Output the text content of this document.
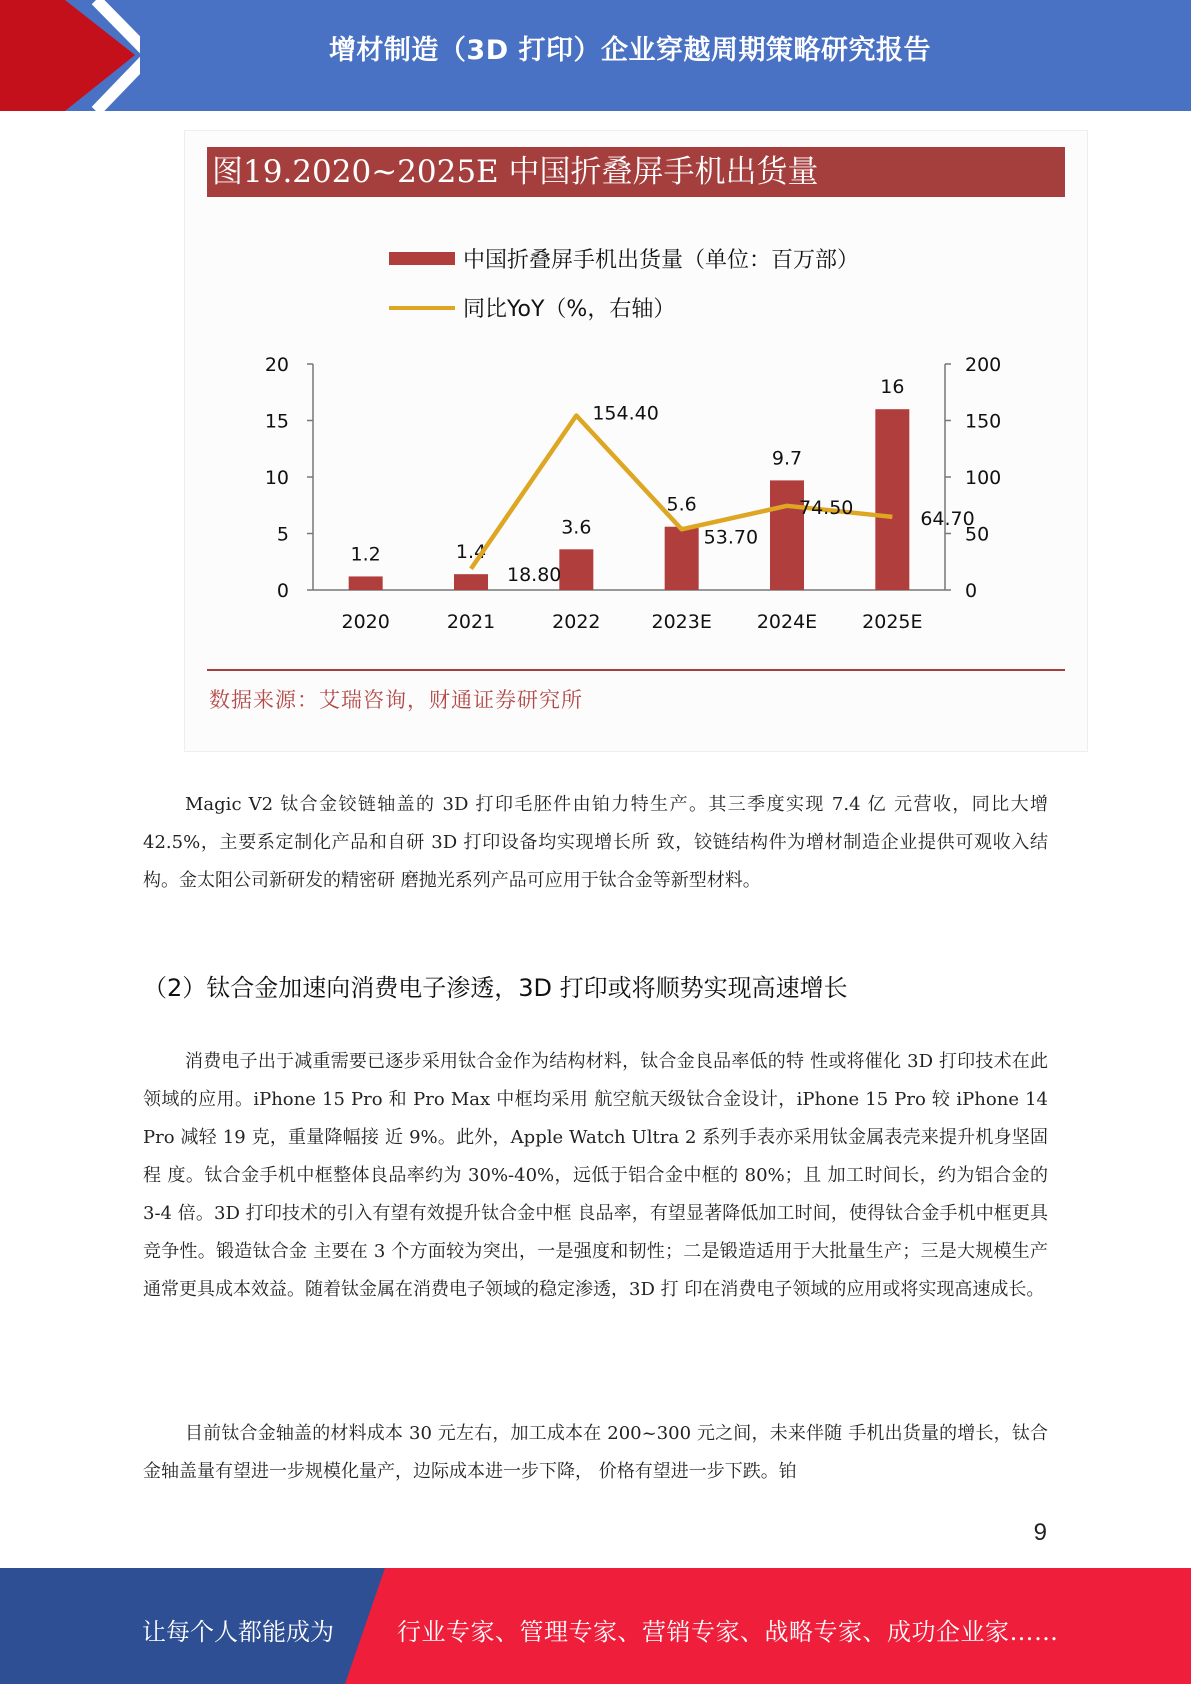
增材制造（3D 打印）企业穿越周期策略研究报告
图19.2020~2025E 中国折叠屏手机出货量
中国折叠屏手机出货量（单位：百万部）
同比YoY（%，右轴）
0
5
10
15
20
0
50
100
150
200
1.2
2020
1.4
2021
3.6
2022
5.6
2023E
9.7
2024E
16
2025E
18.80
154.40
53.70
74.50
64.70
数据来源：艾瑞咨询，财通证券研究所
Magic V2 钛合金铰链轴盖的 3D 打印毛胚件由铂力特生产。其三季度实现 7.4 亿 元营收，同比大增 42.5%，主要系定制化产品和自研 3D 打印设备均实现增长所 致，铰链结构件为增材制造企业提供可观收入结构。金太阳公司新研发的精密研 磨抛光系列产品可应用于钛合金等新型材料。
（2）钛合金加速向消费电子渗透，3D 打印或将顺势实现高速增长
消费电子出于减重需要已逐步采用钛合金作为结构材料，钛合金良品率低的特 性或将催化 3D 打印技术在此领域的应用。iPhone 15 Pro 和 Pro Max 中框均采用 航空航天级钛合金设计，iPhone 15 Pro 较 iPhone 14 Pro 减轻 19 克，重量降幅接 近 9%。此外，Apple Watch Ultra 2 系列手表亦采用钛金属表壳来提升机身坚固程 度。钛合金手机中框整体良品率约为 30%-40%，远低于铝合金中框的 80%；且 加工时间长，约为铝合金的 3-4 倍。3D 打印技术的引入有望有效提升钛合金中框 良品率，有望显著降低加工时间，使得钛合金手机中框更具竞争性。锻造钛合金 主要在 3 个方面较为突出，一是强度和韧性；二是锻造适用于大批量生产；三是大规模生产通常更具成本效益。随着钛金属在消费电子领域的稳定渗透，3D 打 印在消费电子领域的应用或将实现高速成长。
目前钛合金轴盖的材料成本 30 元左右，加工成本在 200~300 元之间，未来伴随 手机出货量的增长，钛合金轴盖量有望进一步规模化量产，边际成本进一步下降， 价格有望进一步下跌。铂
9
让每个人都能成为	行业专家、管理专家、营销专家、战略专家、成功企业家……
